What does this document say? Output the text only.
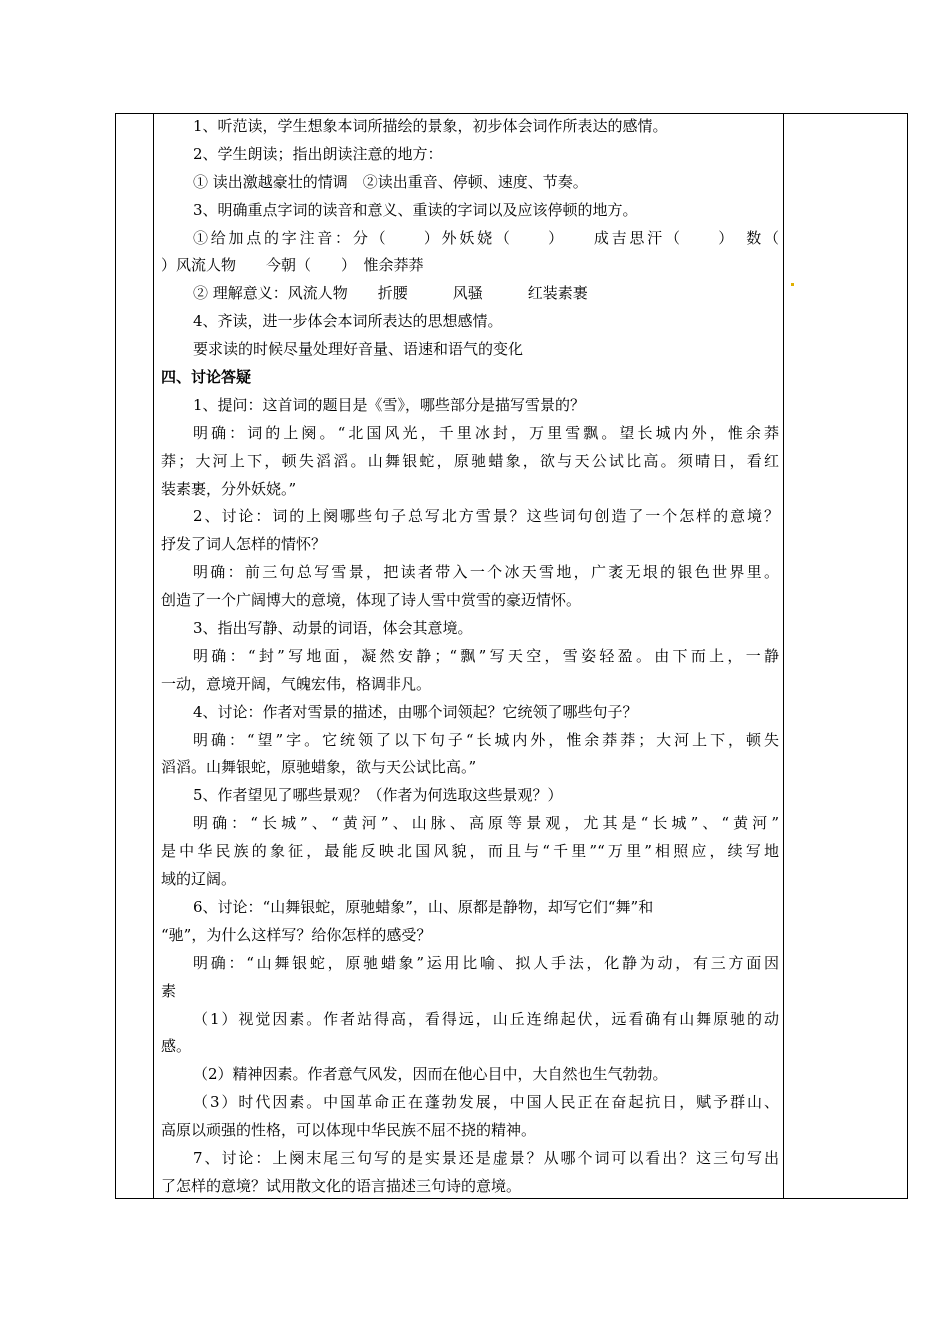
1、听范读，学生想象本词所描绘的景象，初步体会词作所表达的感情。
2、学生朗读；指出朗读注意的地方：
① 读出激越豪壮的情调　②读出重音、停顿、速度、节奏。
3、明确重点字词的读音和意义、重读的字词以及应该停顿的地方。
①给加点的字注音：分（　　）外妖娆（　　）　　成吉思汗（　　）　数（
）风流人物　　今朝（　　）　惟余莽莽
② 理解意义：风流人物　　折腰　　　风骚　　　红装素裹
4、齐读，进一步体会本词所表达的思想感情。
要求读的时候尽量处理好音量、语速和语气的变化
四、讨论答疑
1、提问：这首词的题目是《雪》，哪些部分是描写雪景的？
明确：词的上阕。“北国风光，千里冰封，万里雪飘。望长城内外，惟余莽
莽；大河上下，顿失滔滔。山舞银蛇，原驰蜡象，欲与天公试比高。须晴日，看红
装素裹，分外妖娆。”
2、讨论：词的上阕哪些句子总写北方雪景？这些词句创造了一个怎样的意境？
抒发了词人怎样的情怀？
明确：前三句总写雪景，把读者带入一个冰天雪地，广袤无垠的银色世界里。
创造了一个广阔博大的意境，体现了诗人雪中赏雪的豪迈情怀。
3、指出写静、动景的词语，体会其意境。
明确：“封”写地面，凝然安静；“飘”写天空，雪姿轻盈。由下而上，一静
一动，意境开阔，气魄宏伟，格调非凡。
4、讨论：作者对雪景的描述，由哪个词领起？它统领了哪些句子？
明确：“望”字。它统领了以下句子“长城内外，惟余莽莽；大河上下，顿失
滔滔。山舞银蛇，原驰蜡象，欲与天公试比高。”
5、作者望见了哪些景观？（作者为何选取这些景观？）
明确：“长城”、“黄河”、山脉、高原等景观，尤其是“长城”、“黄河”
是中华民族的象征，最能反映北国风貌，而且与“千里”“万里”相照应，续写地
域的辽阔。
6、讨论：“山舞银蛇，原驰蜡象”，山、原都是静物，却写它们“舞”和
“驰”，为什么这样写？给你怎样的感受？
明确：“山舞银蛇，原驰蜡象”运用比喻、拟人手法，化静为动，有三方面因
素
（1）视觉因素。作者站得高，看得远，山丘连绵起伏，远看确有山舞原驰的动
感。
（2）精神因素。作者意气风发，因而在他心目中，大自然也生气勃勃。
（3）时代因素。中国革命正在蓬勃发展，中国人民正在奋起抗日，赋予群山、
高原以顽强的性格，可以体现中华民族不屈不挠的精神。
7、讨论：上阕末尾三句写的是实景还是虚景？从哪个词可以看出？这三句写出
了怎样的意境？试用散文化的语言描述三句诗的意境。
